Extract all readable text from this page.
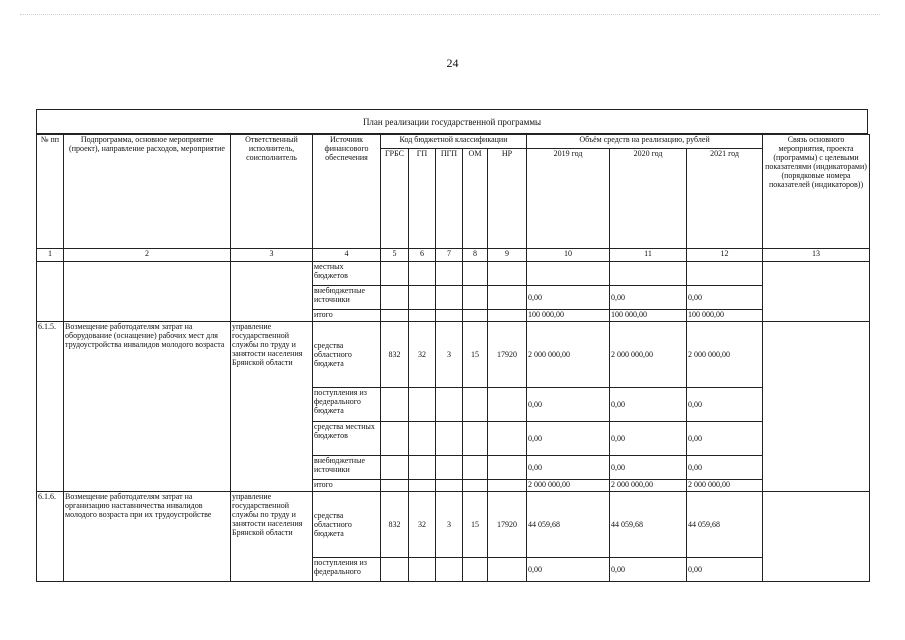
24
План реализации государственной программы
№ пп	Подпрограмма, основное мероприятие (проект), направление расходов, мероприятие	Ответственный исполнитель, соисполнитель	Источник финансового обеспечения	Код бюджетной классификации					Объём средств на реализацию, рублей			Связь основного мероприятия, проекта (программы) с целевыми показателями (индикаторами) (порядковые номера показателей (индикаторов))
				ГРБС	ГП	ПГП	ОМ	НР	2019 год	2020 год	2021 год	
1	2	3	4	5	6	7	8	9	10	11	12	13
			местных бюджетов									
			внебюджетные источники						0,00	0,00	0,00	
			итого						100 000,00	100 000,00	100 000,00	
6.1.5.	Возмещение работодателям затрат на оборудование (оснащение) рабочих мест для трудоустройства инвалидов молодого возраста	управление государственной службы по труду и занятости населения Брянской области	средства областного бюджета	832	32	3	15	17920	2 000 000,00	2 000 000,00	2 000 000,00	
			поступления из федерального бюджета						0,00	0,00	0,00	
			средства местных бюджетов						0,00	0,00	0,00	
			внебюджетные источники						0,00	0,00	0,00	
			итого						2 000 000,00	2 000 000,00	2 000 000,00	
6.1.6.	Возмещение работодателям затрат на организацию наставничества инвалидов молодого возраста при их трудоустройстве	управление государственной службы по труду и занятости населения Брянской области	средства областного бюджета	832	32	3	15	17920	44 059,68	44 059,68	44 059,68	
			поступления из федерального						0,00	0,00	0,00	
